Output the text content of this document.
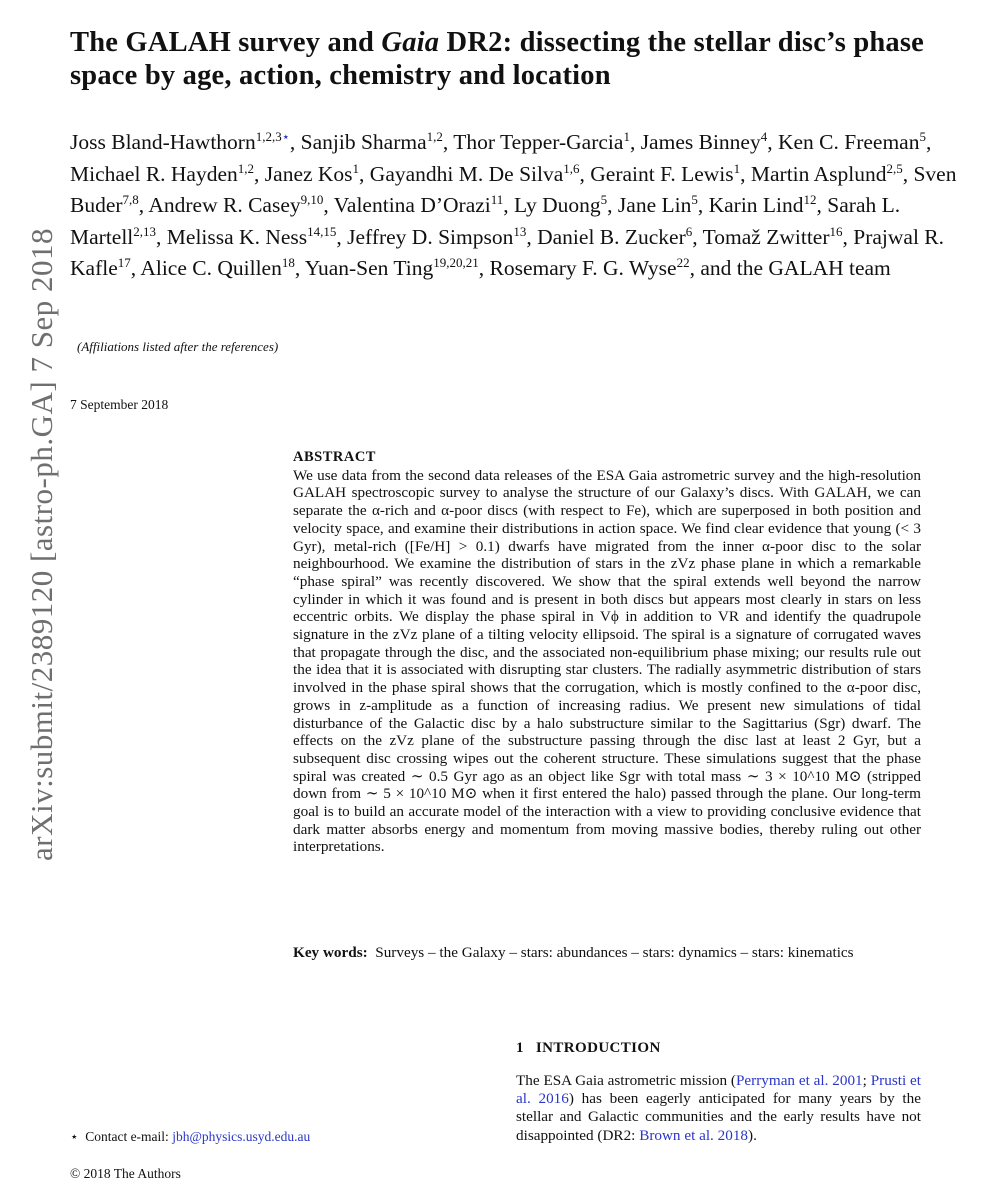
arXiv:submit/2389120 [astro-ph.GA] 7 Sep 2018
The GALAH survey and Gaia DR2: dissecting the stellar disc’s phase space by age, action, chemistry and location
Joss Bland-Hawthorn$^{1,2,3⋆}$, Sanjib Sharma$^{1,2}$, Thor Tepper-Garcia$^1$, James Binney$^4$, Ken C. Freeman$^5$, Michael R. Hayden$^{1,2}$, Janez Kos$^1$, Gayandhi M. De Silva$^{1,6}$, Geraint F. Lewis$^1$, Martin Asplund$^{2,5}$, Sven Buder$^{7,8}$, Andrew R. Casey$^{9,10}$, Valentina D’Orazi$^{11}$, Ly Duong$^5$, Jane Lin$^5$, Karin Lind$^{12}$, Sarah L. Martell$^{2,13}$, Melissa K. Ness$^{14,15}$, Jeffrey D. Simpson$^{13}$, Daniel B. Zucker$^6$, Tomaž Zwitter$^{16}$, Prajwal R. Kafle$^{17}$, Alice C. Quillen$^{18}$, Yuan-Sen Ting$^{19,20,21}$, Rosemary F. G. Wyse$^{22}$, and the GALAH team
(Affiliations listed after the references)
7 September 2018
ABSTRACT
We use data from the second data releases of the ESA Gaia astrometric survey and the high-resolution GALAH spectroscopic survey to analyse the structure of our Galaxy’s discs. With GALAH, we can separate the α-rich and α-poor discs (with respect to Fe), which are superposed in both position and velocity space, and examine their distributions in action space. We find clear evidence that young (< 3 Gyr), metal-rich ([Fe/H] > 0.1) dwarfs have migrated from the inner α-poor disc to the solar neighbourhood. We examine the distribution of stars in the zVz phase plane in which a remarkable “phase spiral” was recently discovered. We show that the spiral extends well beyond the narrow cylinder in which it was found and is present in both discs but appears most clearly in stars on less eccentric orbits. We display the phase spiral in Vϕ in addition to VR and identify the quadrupole signature in the zVz plane of a tilting velocity ellipsoid. The spiral is a signature of corrugated waves that propagate through the disc, and the associated non-equilibrium phase mixing; our results rule out the idea that it is associated with disrupting star clusters. The radially asymmetric distribution of stars involved in the phase spiral shows that the corrugation, which is mostly confined to the α-poor disc, grows in z-amplitude as a function of increasing radius. We present new simulations of tidal disturbance of the Galactic disc by a halo substructure similar to the Sagittarius (Sgr) dwarf. The effects on the zVz plane of the substructure passing through the disc last at least 2 Gyr, but a subsequent disc crossing wipes out the coherent structure. These simulations suggest that the phase spiral was created ∼ 0.5 Gyr ago as an object like Sgr with total mass ∼ 3 × 10^10 M⊙ (stripped down from ∼ 5 × 10^10 M⊙ when it first entered the halo) passed through the plane. Our long-term goal is to build an accurate model of the interaction with a view to providing conclusive evidence that dark matter absorbs energy and momentum from moving massive bodies, thereby ruling out other interpretations.
Key words: Surveys – the Galaxy – stars: abundances – stars: dynamics – stars: kinematics
1 INTRODUCTION
The ESA Gaia astrometric mission (Perryman et al. 2001; Prusti et al. 2016) has been eagerly anticipated for many years by the stellar and Galactic communities and the early results have not disappointed (DR2: Brown et al. 2018).
⋆ Contact e-mail: jbh@physics.usyd.edu.au
© 2018 The Authors
